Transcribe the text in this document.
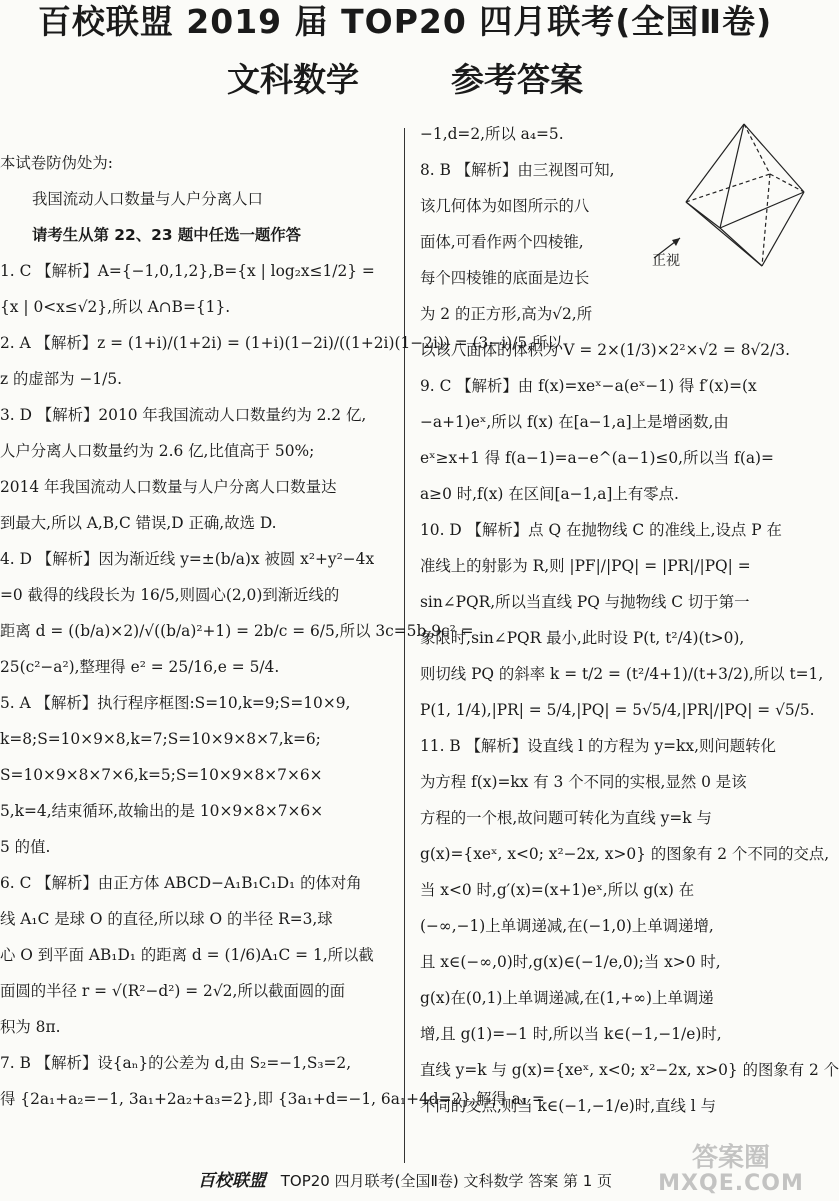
百校联盟 2019 届 TOP20 四月联考(全国Ⅱ卷)
文科数学        参考答案
本试卷防伪处为:
我国流动人口数量与人户分离人口
请考生从第 22、23 题中任选一题作答
1. C 【解析】A={−1,0,1,2},B={x | log₂x≤1/2} =
{x | 0<x≤√2},所以 A∩B={1}.
2. A 【解析】z = (1+i)/(1+2i) = (1+i)(1−2i)/((1+2i)(1−2i)) = (3−i)/5,所以
z 的虚部为 −1/5.
3. D 【解析】2010 年我国流动人口数量约为 2.2 亿,
人户分离人口数量约为 2.6 亿,比值高于 50%;
2014 年我国流动人口数量与人户分离人口数量达
到最大,所以 A,B,C 错误,D 正确,故选 D.
4. D 【解析】因为渐近线 y=±(b/a)x 被圆 x²+y²−4x
=0 截得的线段长为 16/5,则圆心(2,0)到渐近线的
距离 d = ((b/a)×2)/√((b/a)²+1) = 2b/c = 6/5,所以 3c=5b,9c² =
25(c²−a²),整理得 e² = 25/16,e = 5/4.
5. A 【解析】执行程序框图:S=10,k=9;S=10×9,
k=8;S=10×9×8,k=7;S=10×9×8×7,k=6;
S=10×9×8×7×6,k=5;S=10×9×8×7×6×
5,k=4,结束循环,故输出的是 10×9×8×7×6×
5 的值.
6. C 【解析】由正方体 ABCD−A₁B₁C₁D₁ 的体对角
线 A₁C 是球 O 的直径,所以球 O 的半径 R=3,球
心 O 到平面 AB₁D₁ 的距离 d = (1/6)A₁C = 1,所以截
面圆的半径 r = √(R²−d²) = 2√2,所以截面圆的面
积为 8π.
7. B 【解析】设{aₙ}的公差为 d,由 S₂=−1,S₃=2,
得 {2a₁+a₂=−1, 3a₁+2a₂+a₃=2},即 {3a₁+d=−1, 6a₁+4d=2},解得 a₁ =
−1,d=2,所以 a₄=5.
8. B 【解析】由三视图可知,
该几何体为如图所示的八
面体,可看作两个四棱锥,
每个四棱锥的底面是边长
为 2 的正方形,高为√2,所
以该八面体的体积为 V = 2×(1/3)×2²×√2 = 8√2/3.
9. C 【解析】由 f(x)=xeˣ−a(eˣ−1) 得 f′(x)=(x
−a+1)eˣ,所以 f(x) 在[a−1,a]上是增函数,由
eˣ≥x+1 得 f(a−1)=a−e^(a−1)≤0,所以当 f(a)=
a≥0 时,f(x) 在区间[a−1,a]上有零点.
10. D 【解析】点 Q 在抛物线 C 的准线上,设点 P 在
准线上的射影为 R,则 |PF|/|PQ| = |PR|/|PQ| =
sin∠PQR,所以当直线 PQ 与抛物线 C 切于第一
象限时,sin∠PQR 最小,此时设 P(t, t²/4)(t>0),
则切线 PQ 的斜率 k = t/2 = (t²/4+1)/(t+3/2),所以 t=1,
P(1, 1/4),|PR| = 5/4,|PQ| = 5√5/4,|PR|/|PQ| = √5/5.
11. B 【解析】设直线 l 的方程为 y=kx,则问题转化
为方程 f(x)=kx 有 3 个不同的实根,显然 0 是该
方程的一个根,故问题可转化为直线 y=k 与
g(x)={xeˣ, x<0; x²−2x, x>0} 的图象有 2 个不同的交点,
当 x<0 时,g′(x)=(x+1)eˣ,所以 g(x) 在
(−∞,−1)上单调递减,在(−1,0)上单调递增,
且 x∈(−∞,0)时,g(x)∈(−1/e,0);当 x>0 时,
g(x)在(0,1)上单调递减,在(1,+∞)上单调递
增,且 g(1)=−1 时,所以当 k∈(−1,−1/e)时,
直线 y=k 与 g(x)={xeˣ, x<0; x²−2x, x>0} 的图象有 2 个
不同的交点,则当 k∈(−1,−1/e)时,直线 l 与
正视
百校联盟 TOP20 四月联考(全国Ⅱ卷) 文科数学 答案 第 1 页
答案圈
MXQE.COM
